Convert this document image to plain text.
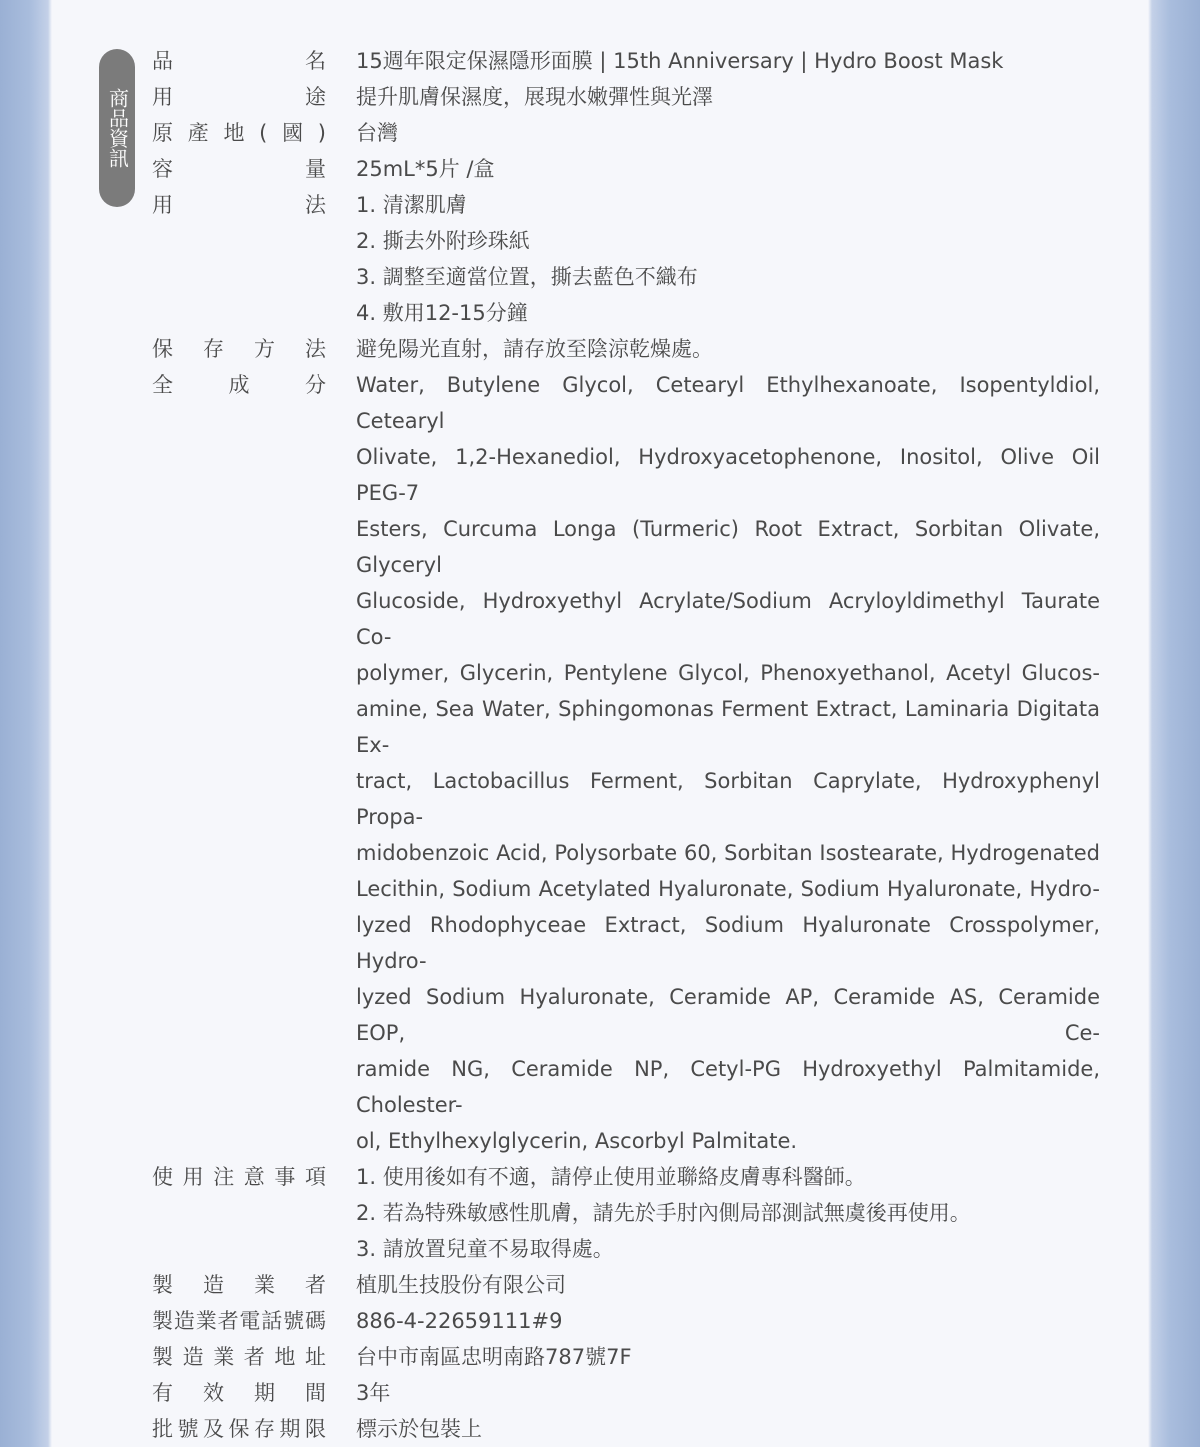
商品資訊
品名 15週年限定保濕隱形面膜 | 15th Anniversary | Hydro Boost Mask
用途 提升肌膚保濕度，展現水嫩彈性與光澤
原產地(國) 台灣
容量 25mL*5片 /盒
用法 1. 清潔肌膚
2. 撕去外附珍珠紙
3. 調整至適當位置，撕去藍色不織布
4. 敷用12-15分鐘
保存方法 避免陽光直射，請存放至陰涼乾燥處。
全成分 Water, Butylene Glycol, Cetearyl Ethylhexanoate, Isopentyldiol, Cetearyl
Olivate, 1,2-Hexanediol, Hydroxyacetophenone, Inositol, Olive Oil PEG-7
Esters, Curcuma Longa (Turmeric) Root Extract, Sorbitan Olivate, Glyceryl
Glucoside, Hydroxyethyl Acrylate/Sodium Acryloyldimethyl Taurate Co-
polymer, Glycerin, Pentylene Glycol, Phenoxyethanol, Acetyl Glucos-
amine, Sea Water, Sphingomonas Ferment Extract, Laminaria Digitata Ex-
tract, Lactobacillus Ferment, Sorbitan Caprylate, Hydroxyphenyl Propa-
midobenzoic Acid, Polysorbate 60, Sorbitan Isostearate, Hydrogenated
Lecithin, Sodium Acetylated Hyaluronate, Sodium Hyaluronate, Hydro-
lyzed Rhodophyceae Extract, Sodium Hyaluronate Crosspolymer, Hydro-
lyzed Sodium Hyaluronate, Ceramide AP, Ceramide AS, Ceramide EOP, Ce-
ramide NG, Ceramide NP, Cetyl-PG Hydroxyethyl Palmitamide, Cholester-
ol, Ethylhexylglycerin, Ascorbyl Palmitate.
使用注意事項 1. 使用後如有不適，請停止使用並聯絡皮膚專科醫師。
2. 若為特殊敏感性肌膚，請先於手肘內側局部測試無虞後再使用。
3. 請放置兒童不易取得處。
製造業者 植肌生技股份有限公司
製造業者電話號碼 886-4-22659111#9
製造業者地址 台中市南區忠明南路787號7F
有效期間 3年
批號及保存期限 標示於包裝上
